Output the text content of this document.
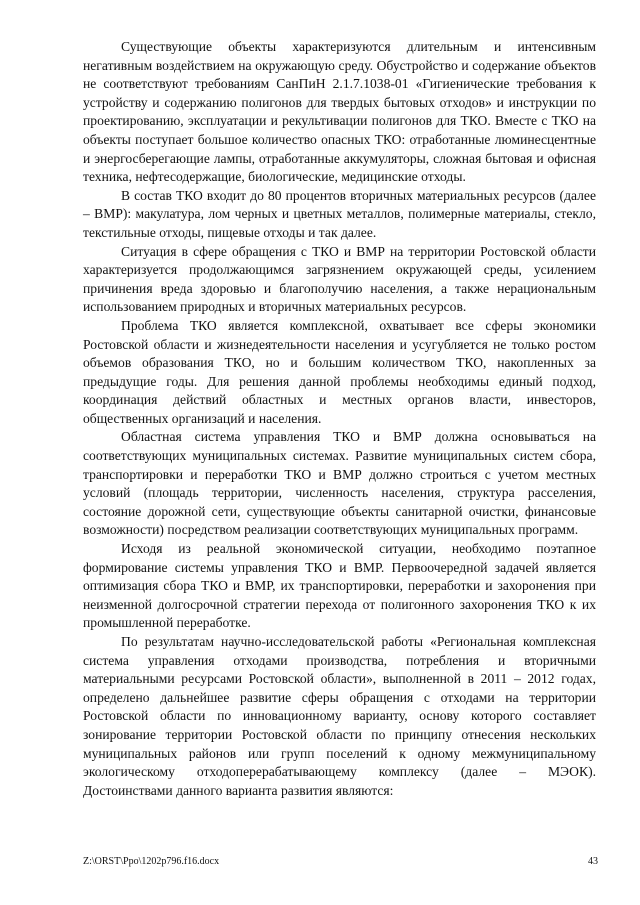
Существующие объекты характеризуются длительным и интенсивным негативным воздействием на окружающую среду. Обустройство и содержание объектов не соответствуют требованиям СанПиН 2.1.7.1038-01 «Гигиенические требования к устройству и содержанию полигонов для твердых бытовых отходов» и инструкции по проектированию, эксплуатации и рекультивации полигонов для ТКО. Вместе с ТКО на объекты поступает большое количество опасных ТКО: отработанные люминесцентные и энергосберегающие лампы, отработанные аккумуляторы, сложная бытовая и офисная техника, нефтесодержащие, биологические, медицинские отходы.

В состав ТКО входит до 80 процентов вторичных материальных ресурсов (далее – ВМР): макулатура, лом черных и цветных металлов, полимерные материалы, стекло, текстильные отходы, пищевые отходы и так далее.

Ситуация в сфере обращения с ТКО и ВМР на территории Ростовской области характеризуется продолжающимся загрязнением окружающей среды, усилением причинения вреда здоровью и благополучию населения, а также нерациональным использованием природных и вторичных материальных ресурсов.

Проблема ТКО является комплексной, охватывает все сферы экономики Ростовской области и жизнедеятельности населения и усугубляется не только ростом объемов образования ТКО, но и большим количеством ТКО, накопленных за предыдущие годы. Для решения данной проблемы необходимы единый подход, координация действий областных и местных органов власти, инвесторов, общественных организаций и населения.

Областная система управления ТКО и ВМР должна основываться на соответствующих муниципальных системах. Развитие муниципальных систем сбора, транспортировки и переработки ТКО и ВМР должно строиться с учетом местных условий (площадь территории, численность населения, структура расселения, состояние дорожной сети, существующие объекты санитарной очистки, финансовые возможности) посредством реализации соответствующих муниципальных программ.

Исходя из реальной экономической ситуации, необходимо поэтапное формирование системы управления ТКО и ВМР. Первоочередной задачей является оптимизация сбора ТКО и ВМР, их транспортировки, переработки и захоронения при неизменной долгосрочной стратегии перехода от полигонного захоронения ТКО к их промышленной переработке.

По результатам научно-исследовательской работы «Региональная комплексная система управления отходами производства, потребления и вторичными материальными ресурсами Ростовской области», выполненной в 2011 – 2012 годах, определено дальнейшее развитие сферы обращения с отходами на территории Ростовской области по инновационному варианту, основу которого составляет зонирование территории Ростовской области по принципу отнесения нескольких муниципальных районов или групп поселений к одному межмуниципальному экологическому отходоперерабатывающему комплексу (далее – МЭОК). Достоинствами данного варианта развития являются:

Z:\ORST\Ppo\1202p796.f16.docx	43
